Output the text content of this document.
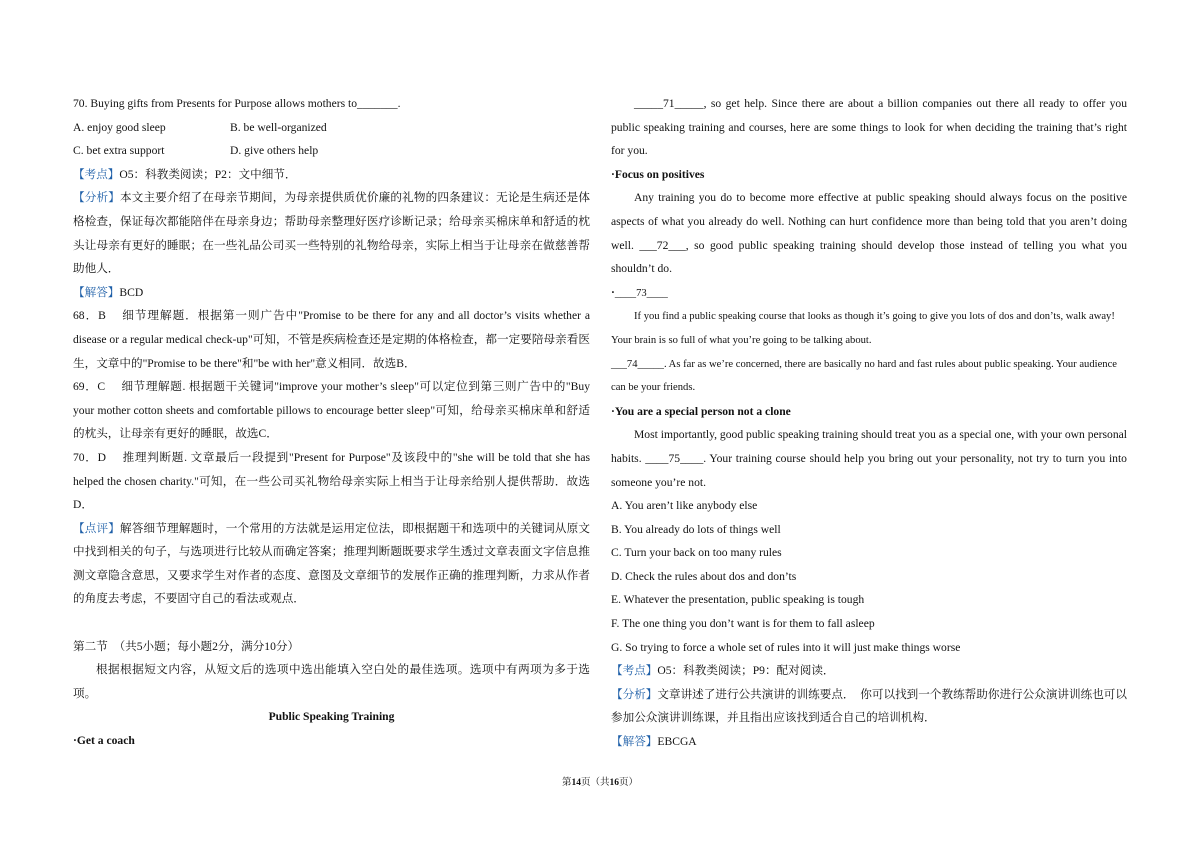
70. Buying gifts from Presents for Purpose allows mothers to_______.

A. enjoy good sleep	B. be well-organized
C. bet extra support	D. give others help

【考点】O5：科教类阅读；P2：文中细节．

【分析】本文主要介绍了在母亲节期间，为母亲提供质优价廉的礼物的四条建议：无论是生病还是体格检查，保证每次都能陪伴在母亲身边；帮助母亲整理好医疗诊断记录；给母亲买棉床单和舒适的枕头让母亲有更好的睡眠；在一些礼品公司买一些特别的礼物给母亲，实际上相当于让母亲在做慈善帮助他人．

【解答】BCD

68．B 　细节理解题．根据第一则广告中"Promise to be there for any and all doctor’s visits whether a disease or a regular medical check-up"可知，不管是疾病检查还是定期的体格检查，都一定要陪母亲看医生，文章中的"Promise to be there"和"be with her"意义相同．故选B．

69．C　 细节理解题. 根据题干关键词"improve your mother’s sleep"可以定位到第三则广告中的"Buy your mother cotton sheets and comfortable pillows to encourage better sleep"可知，给母亲买棉床单和舒适的枕头，让母亲有更好的睡眠，故选C．

70．D　 推理判断题. 文章最后一段提到"Present for Purpose"及该段中的"she will be told that she has helped the chosen charity."可知，在一些公司买礼物给母亲实际上相当于让母亲给别人提供帮助．故选D．

【点评】解答细节理解题时，一个常用的方法就是运用定位法，即根据题干和选项中的关键词从原文中找到相关的句子，与选项进行比较从而确定答案；推理判断题既要求学生透过文章表面文字信息推测文章隐含意思，又要求学生对作者的态度、意图及文章细节的发展作正确的推理判断，力求从作者的角度去考虑，不要固守自己的看法或观点．

第二节　（共5小题；每小题2分，满分10分）

根据根据短文内容，从短文后的选项中选出能填入空白处的最佳选项。选项中有两项为多于选项。

Public Speaking Training

·Get a coach

_____71_____, so get help. Since there are about a billion companies out there all ready to offer you public speaking training and courses, here are some things to look for when deciding the training that’s right for you.

·Focus on positives

Any training you do to become more effective at public speaking should always focus on the positive aspects of what you already do well. Nothing can hurt confidence more than being told that you aren’t doing well. ___72___, so good public speaking training should develop those instead of telling you what you shouldn’t do.

·____73____

If you find a public speaking course that looks as though it’s going to give you lots of dos and don’ts, walk away! Your brain is so full of what you’re going to be talking about.

___74_____. As far as we’re concerned, there are basically no hard and fast rules about public speaking. Your audience can be your friends.

·You are a special person not a clone

Most importantly, good public speaking training should treat you as a special one, with your own personal habits. ____75____. Your training course should help you bring out your personality, not try to turn you into someone you’re not.

A. You aren’t like anybody else

B. You already do lots of things well

C. Turn your back on too many rules

D. Check the rules about dos and don’ts

E. Whatever the presentation, public speaking is tough

F. The one thing you don’t want is for them to fall asleep

G. So trying to force a whole set of rules into it will just make things worse

【考点】O5：科教类阅读；P9：配对阅读．

【分析】文章讲述了进行公共演讲的训练要点．　你可以找到一个教练帮助你进行公众演讲训练也可以参加公众演讲训练课，并且指出应该找到适合自己的培训机构．

【解答】EBCGA

第14页（共16页）
